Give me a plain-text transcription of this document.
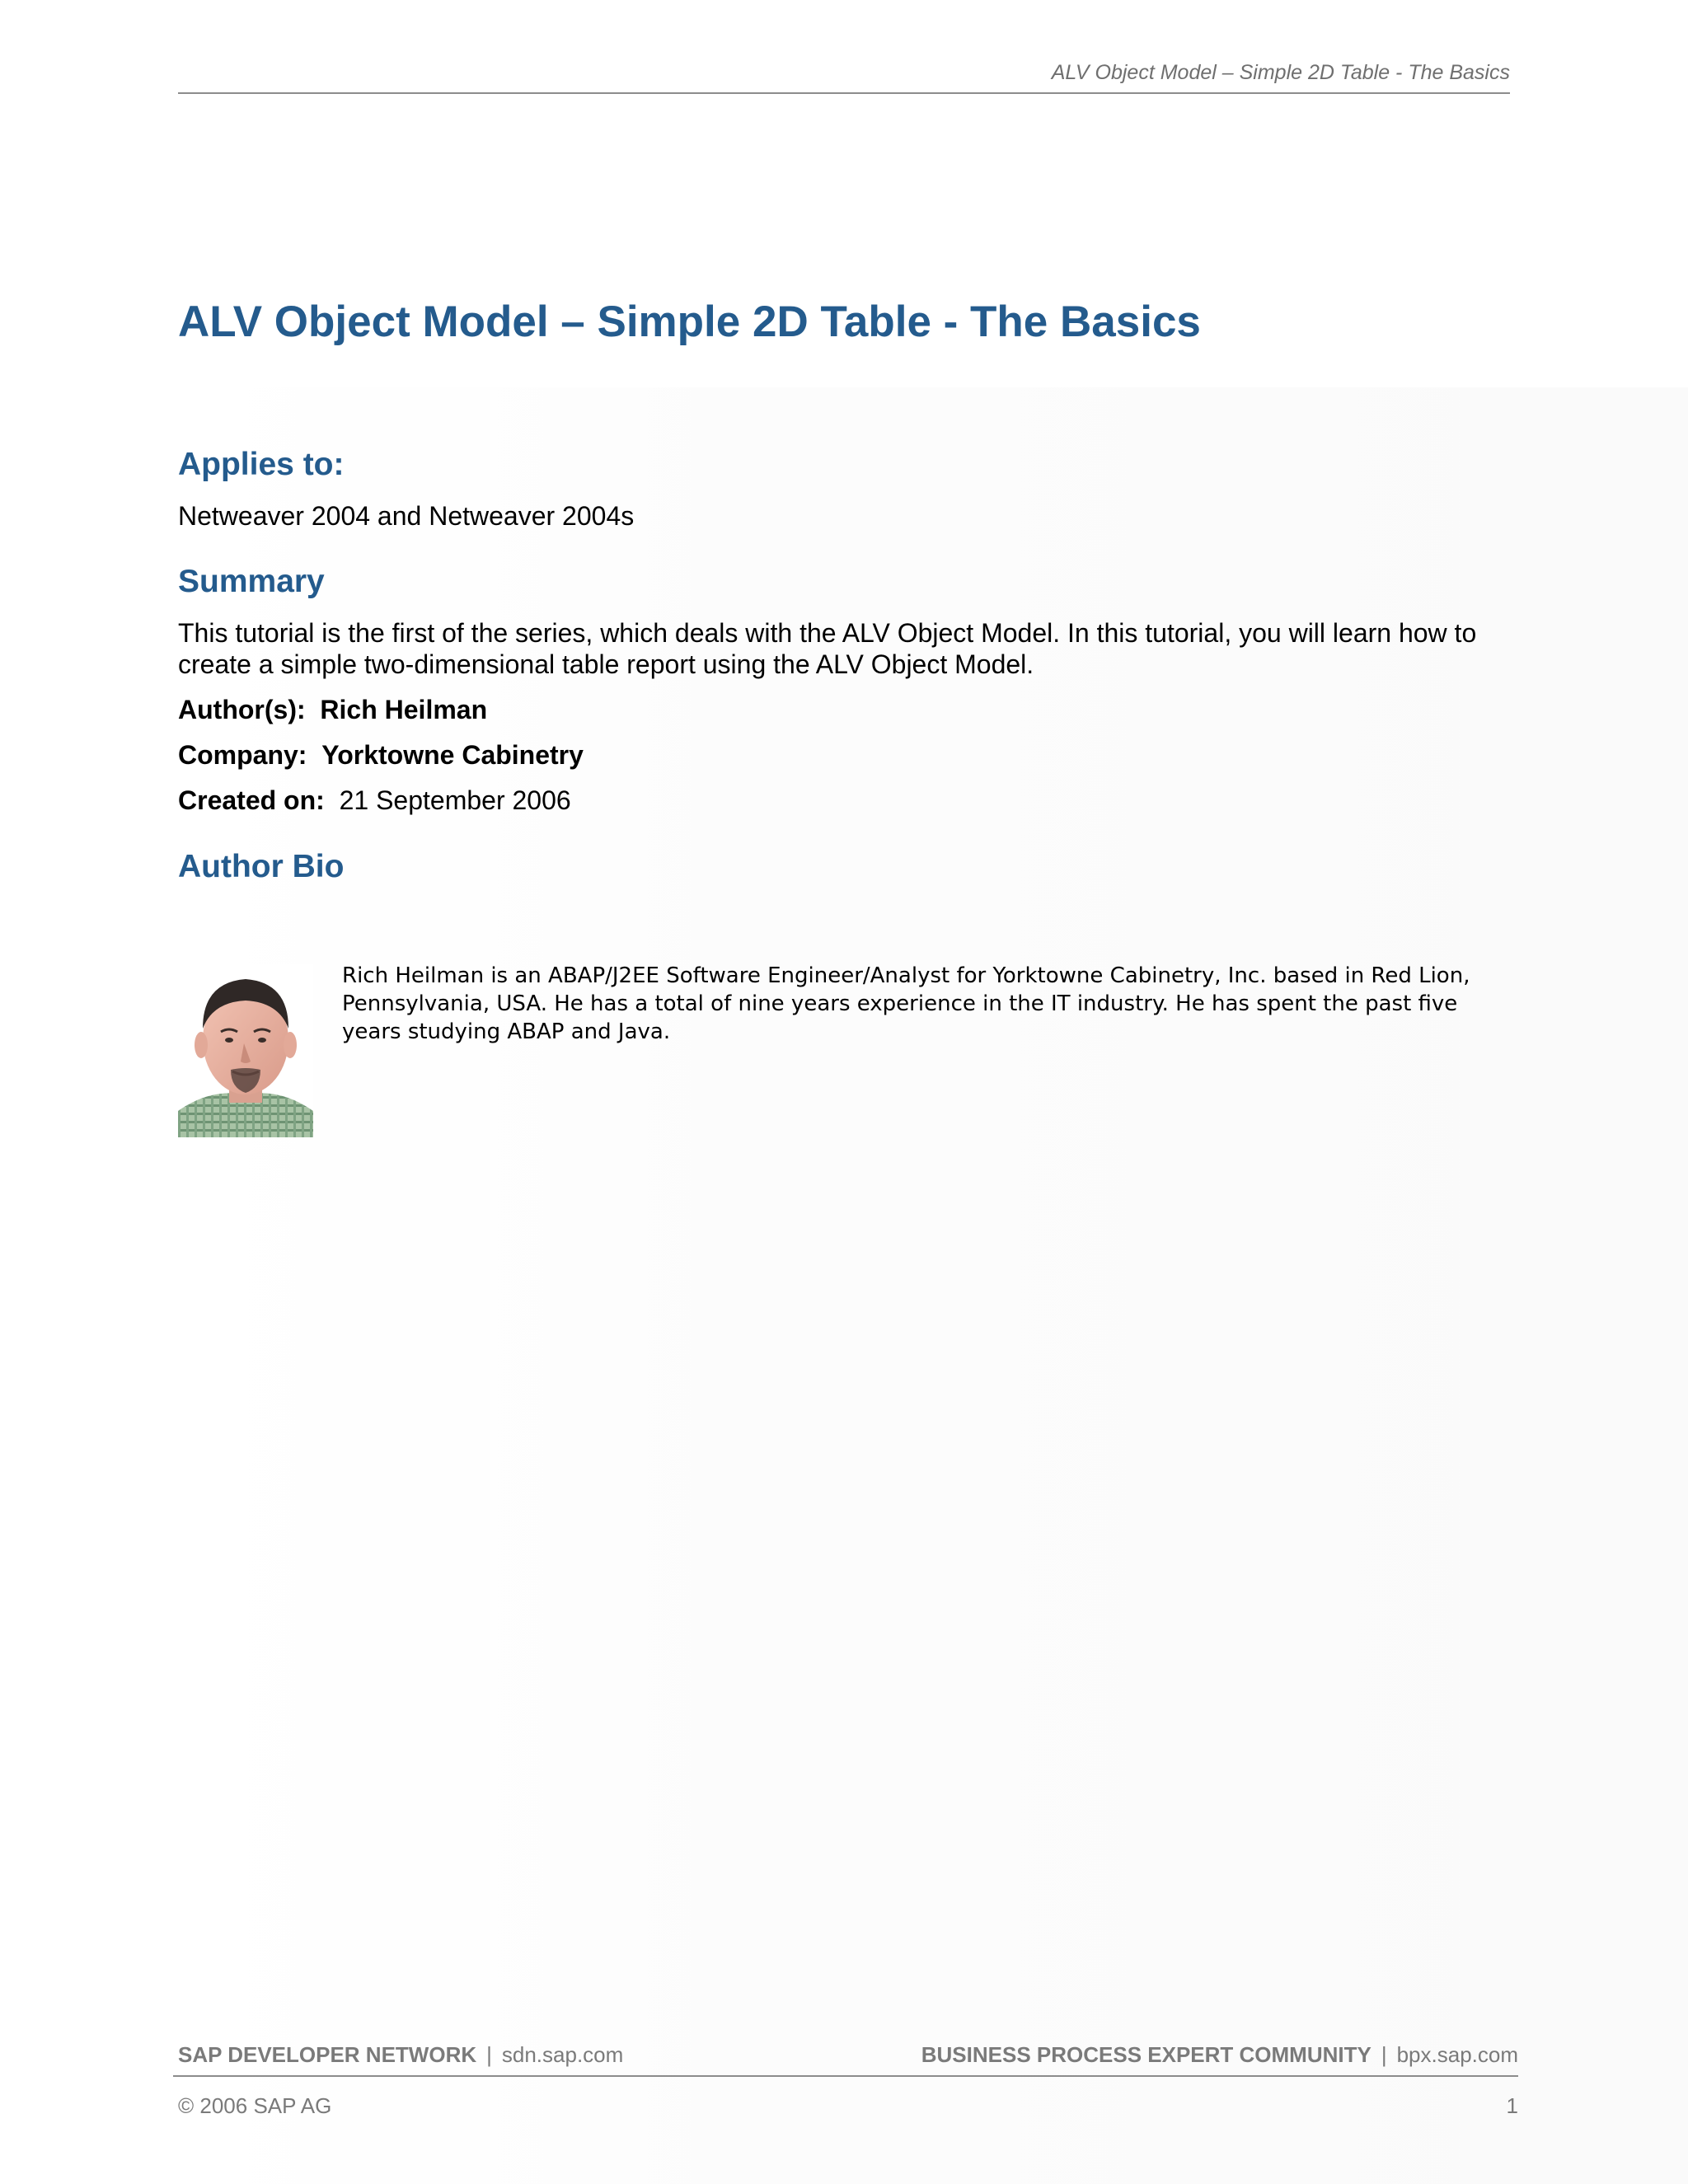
ALV Object Model – Simple 2D Table - The Basics
ALV Object Model – Simple 2D Table - The Basics
Applies to:
Netweaver 2004 and Netweaver 2004s
Summary
This tutorial is the first of the series, which deals with the ALV Object Model. In this tutorial, you will learn how to create a simple two-dimensional table report using the ALV Object Model.
Author(s): Rich Heilman
Company: Yorktowne Cabinetry
Created on: 21 September 2006
Author Bio
Rich Heilman is an ABAP/J2EE Software Engineer/Analyst for Yorktowne Cabinetry, Inc. based in Red Lion, Pennsylvania, USA. He has a total of nine years experience in the IT industry. He has spent the past five years studying ABAP and Java.
SAP DEVELOPER NETWORK | sdn.sap.com	BUSINESS PROCESS EXPERT COMMUNITY | bpx.sap.com
© 2006 SAP AG	1
